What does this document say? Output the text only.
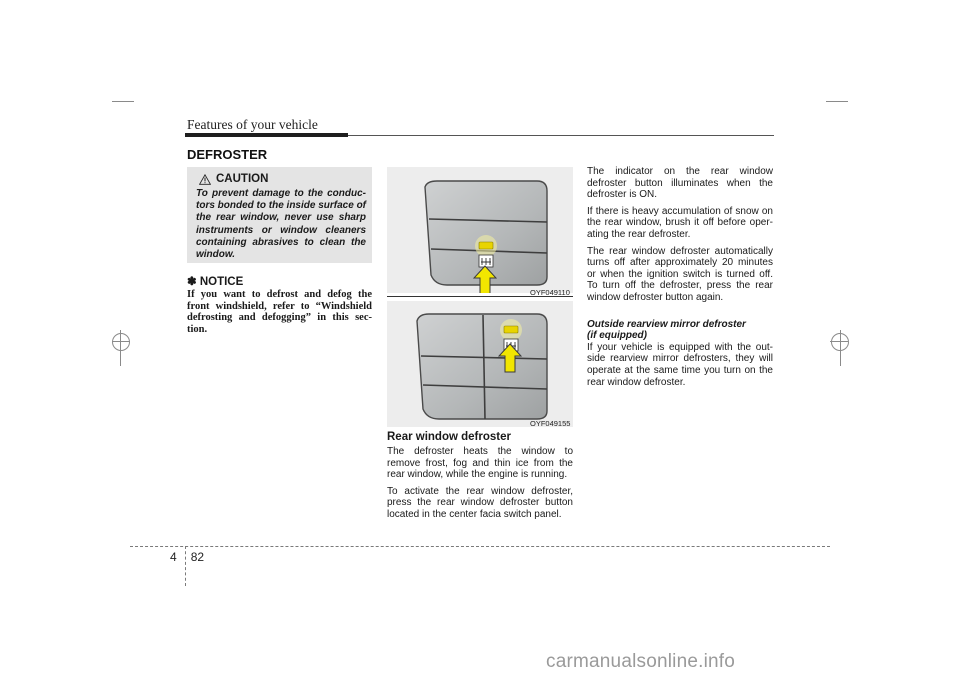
Features of your vehicle
DEFROSTER
CAUTION
To prevent damage to the conduc-tors bonded to the inside surface of the rear window, never use sharp instruments or window cleaners containing abrasives to clean the window.
✽ NOTICE
If you want to defrost and defog the front windshield, refer to “Windshield defrosting and defogging” in this sec-tion.
OYF049110
OYF049155
Rear window defroster

The defroster heats the window to remove frost, fog and thin ice from the rear window, while the engine is running.

To activate the rear window defroster, press the rear window defroster button located in the center facia switch panel.

The indicator on the rear window defroster button illuminates when the defroster is ON.

If there is heavy accumulation of snow on the rear window, brush it off before oper-ating the rear defroster.

The rear window defroster automatically turns off after approximately 20 minutes or when the ignition switch is turned off. To turn off the defroster, press the rear window defroster button again.

Outside rearview mirror defroster

(if equipped)

If your vehicle is equipped with the out-side rearview mirror defrosters, they will operate at the same time you turn on the rear window defroster.

4 82
carmanualsonline.info
